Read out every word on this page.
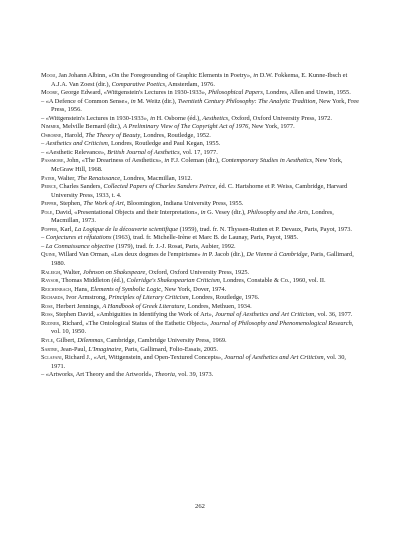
Mooij, Jan Johann Albinn, «On the Foregrounding of Graphic Elements in Poetry», in D.W. Fokkema, E. Kunne-Ibsch et A.J.A. Van Zoest (dir.), Comparative Poetics, Amsterdam, 1976.

Moore, George Edward, «Wittgenstein's Lectures in 1930-1933», Philosophical Papers, Londres, Allen and Unwin, 1955.

– «A Defence of Common Sense», in M. Weitz (dir.), Twentieth Century Philosophy: The Analytic Tradition, New York, Free Press, 1956.

– «Wittgenstein's Lectures in 1930-1933», in H. Osborne (éd.), Aesthetics, Oxford, Oxford University Press, 1972.

Nimmer, Melville Bernard (dir.), A Preliminary View of The Copyright Act of 1976, New York, 1977.

Osborne, Harold, The Theory of Beauty, Londres, Routledge, 1952.

– Aesthetics and Criticism, Londres, Routledge and Paul Kegan, 1955.

– «Aesthetic Relevance», British Journal of Aesthetics, vol. 17, 1977.

Passmore, John, «The Dreariness of Aesthetics», in F.J. Coleman (dir.), Contemporary Studies in Aesthetics, New York, McGraw Hill, 1968.

Pater, Walter, The Renaissance, Londres, Macmillan, 1912.

Peirce, Charles Sanders, Collected Papers of Charles Sanders Peirce, éd. C. Hartshorne et P. Weiss, Cambridge, Harvard University Press, 1933, t. 4.

Pepper, Stephen, The Work of Art, Bloomington, Indiana University Press, 1955.

Pole, David, «Presentational Objects and their Interpretation», in G. Vesey (dir.), Philosophy and the Arts, Londres, Macmillan, 1973.

Popper, Karl, La Logique de la découverte scientifique (1959), trad. fr. N. Thyssen-Rutten et P. Devaux, Paris, Payot, 1973.

– Conjectures et réfutations (1963), trad. fr. Michelle-Irène et Marc B. de Launay, Paris, Payot, 1985.

– La Connaissance objective (1979), trad. fr. J.-J. Rosat, Paris, Aubier, 1992.

Quine, Willard Van Orman, «Les deux dogmes de l'empirisme» in P. Jacob (dir.), De Vienne à Cambridge, Paris, Gallimard, 1980.

Raleigh, Walter, Johnson on Shakespeare, Oxford, Oxford University Press, 1925.

Raysor, Thomas Middleton (éd.), Coleridge's Shakespearian Criticism, Londres, Constable & Co., 1960, vol. II.

Reichenbach, Hans, Elements of Symbolic Logic, New York, Dover, 1974.

Richards, Ivor Armstrong, Principles of Literary Criticism, Londres, Routledge, 1976.

Rose, Herbert Jennings, A Handbook of Greek Literature, Londres, Methuen, 1934.

Ross, Stephen David, «Ambiguities in Identifying the Work of Art», Journal of Aesthetics and Art Criticism, vol. 36, 1977.

Rudner, Richard, «The Ontological Status of the Esthetic Object», Journal of Philosophy and Phenomenological Research, vol. 10, 1950.

Ryle, Gilbert, Dilemmas, Cambridge, Cambridge University Press, 1969.

Sartre, Jean-Paul, L'Imaginaire, Paris, Gallimard, Folio-Essais, 2005.

Sclafani, Richard J., «Art, Wittgenstein, and Open-Textured Concepts», Journal of Aesthetics and Art Criticism, vol. 30, 1971.

– «Artworks, Art Theory and the Artworld», Theoria, vol. 39, 1973.

262
